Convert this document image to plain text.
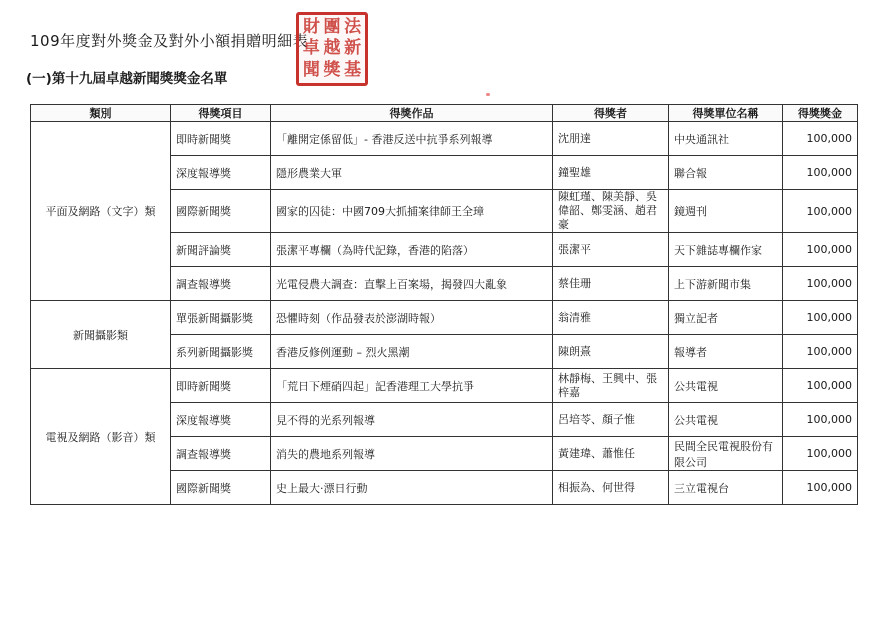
109年度對外獎金及對外小額捐贈明細表
(一)第十九屆卓越新聞獎獎金名單
財 團 法
卓 越 新
聞 獎 基
類別	得獎項目	得獎作品	得獎者	得獎單位名稱	得獎獎金
平面及網路（文字）類	即時新聞獎	「離開定係留低」- 香港反送中抗爭系列報導	沈朋達	中央通訊社	100,000
	深度報導獎	隱形農業大軍	鐘聖雄	聯合報	100,000
	國際新聞獎	國家的囚徒：中國709大抓捕案律師王全璋	陳虹瑾、陳美靜、吳偉韶、鄭雯涵、趙君豪	鏡週刊	100,000
	新聞評論獎	張潔平專欄（為時代記錄，香港的陷落）	張潔平	天下雜誌專欄作家	100,000
	調查報導獎	光電侵農大調查：直擊上百案場，揭發四大亂象	蔡佳珊	上下游新聞市集	100,000
新聞攝影類	單張新聞攝影獎	恐懼時刻（作品發表於澎湖時報）	翁清雅	獨立記者	100,000
	系列新聞攝影獎	香港反修例運動 – 烈火黑潮	陳朗熹	報導者	100,000
電視及網路（影音）類	即時新聞獎	「荒日下煙硝四起」記香港理工大學抗爭	林靜梅、王興中、張梓嘉	公共電視	100,000
	深度報導獎	見不得的光系列報導	呂培苓、顏子惟	公共電視	100,000
	調查報導獎	消失的農地系列報導	黃建瑋、蕭惟任	民間全民電視股份有限公司	100,000
	國際新聞獎	史上最大‧漂日行動	相振為、何世得	三立電視台	100,000
